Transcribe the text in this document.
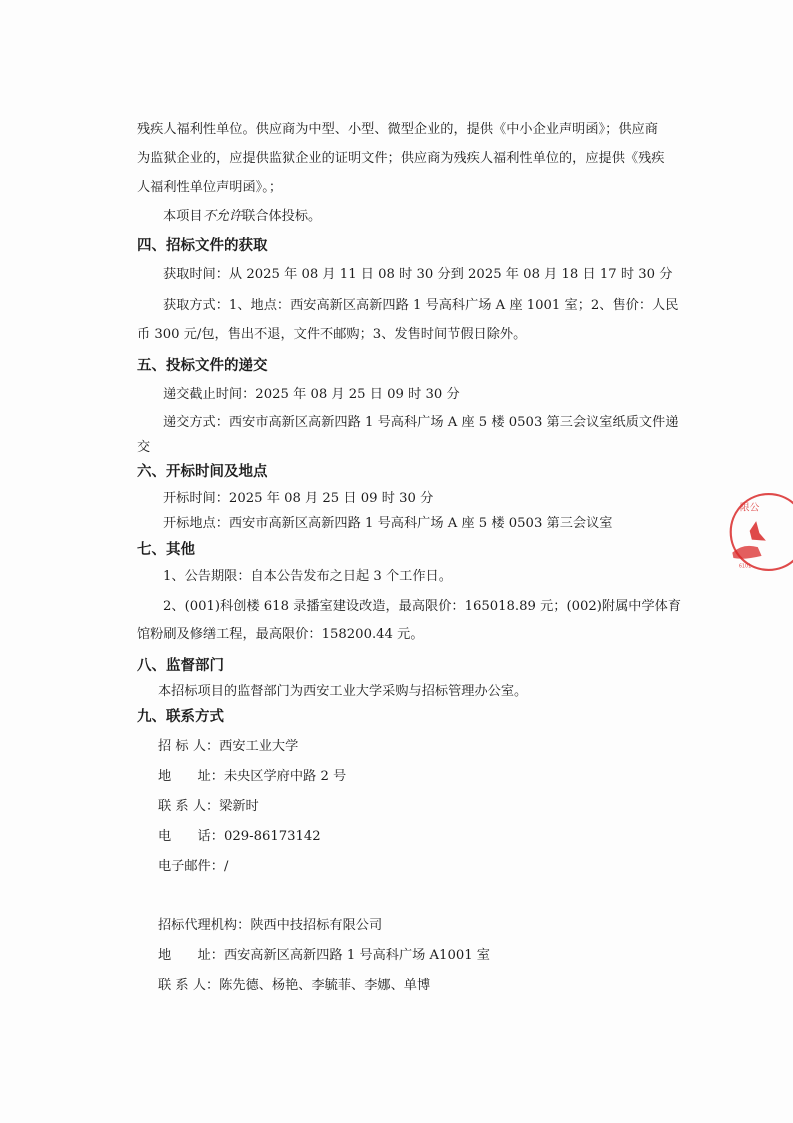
残疾人福利性单位。供应商为中型、小型、微型企业的，提供《中小企业声明函》；供应商
为监狱企业的，应提供监狱企业的证明文件；供应商为残疾人福利性单位的，应提供《残疾
人福利性单位声明函》。；
本项目不允许联合体投标。
四、招标文件的获取
获取时间：从 2025 年 08 月 11 日 08 时 30 分到 2025 年 08 月 18 日 17 时 30 分
获取方式：1、地点：西安高新区高新四路 1 号高科广场 A 座 1001 室；2、售价：人民
币 300 元/包，售出不退，文件不邮购；3、发售时间节假日除外。
五、投标文件的递交
递交截止时间：2025 年 08 月 25 日 09 时 30 分
递交方式：西安市高新区高新四路 1 号高科广场 A 座 5 楼 0503 第三会议室纸质文件递
交
六、开标时间及地点
开标时间：2025 年 08 月 25 日 09 时 30 分
开标地点：西安市高新区高新四路 1 号高科广场 A 座 5 楼 0503 第三会议室
七、其他
1、公告期限：自本公告发布之日起 3 个工作日。
2、(001)科创楼 618 录播室建设改造，最高限价：165018.89 元；(002)附属中学体育
馆粉刷及修缮工程，最高限价：158200.44 元。
八、监督部门
本招标项目的监督部门为西安工业大学采购与招标管理办公室。
九、联系方式
招 标 人：西安工业大学
地　　址：未央区学府中路 2 号
联 系 人：梁新时
电　　话：029-86173142
电子邮件：/
招标代理机构：陕西中技招标有限公司
地　　址：西安高新区高新四路 1 号高科广场 A1001 室
联 系 人：陈先德、杨艳、李毓菲、李娜、单博
限公
6101
